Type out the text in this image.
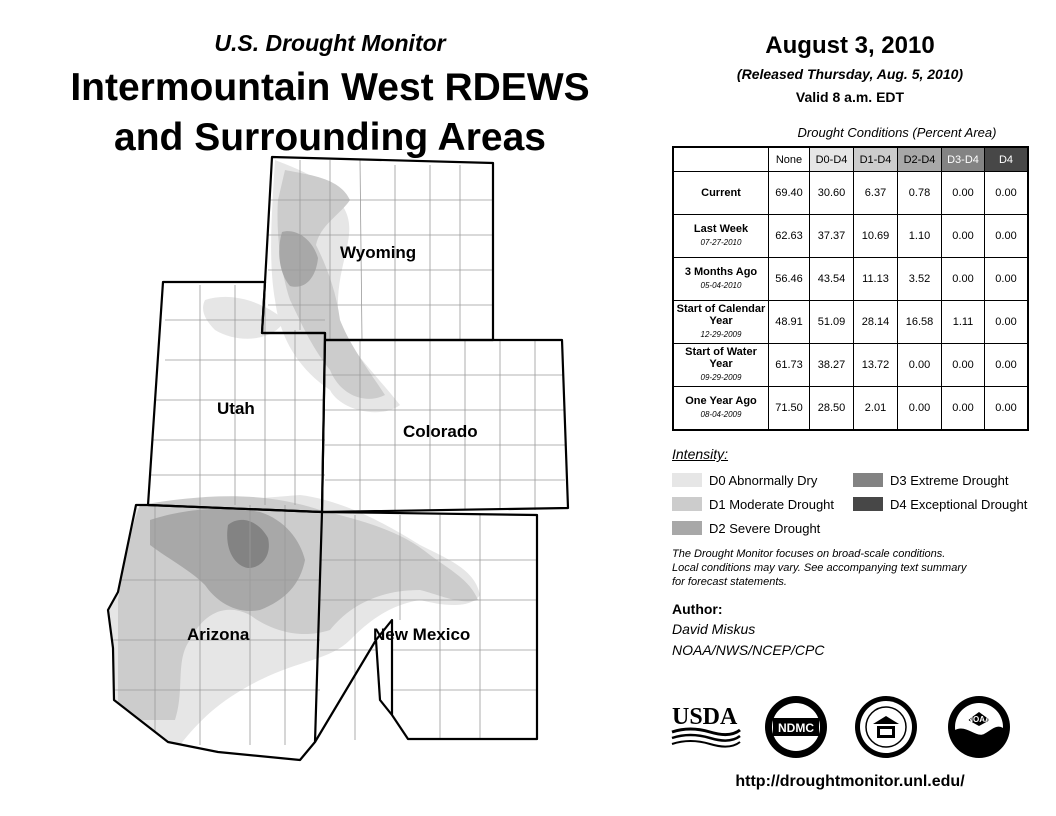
U.S. Drought Monitor
Intermountain West RDEWS
and Surrounding Areas
Wyoming
Utah
Colorado
Arizona	New Mexico
August 3, 2010
(Released Thursday, Aug. 5, 2010)
Valid 8 a.m. EDT
Drought Conditions (Percent Area)
	None	D0-D4	D1-D4	D2-D4	D3-D4	D4
Current	69.40	30.60	6.37	0.78	0.00	0.00
Last Week
07-27-2010	62.63	37.37	10.69	1.10	0.00	0.00
3 Months Ago
05-04-2010	56.46	43.54	11.13	3.52	0.00	0.00
Start of Calendar Year
12-29-2009	48.91	51.09	28.14	16.58	1.11	0.00
Start of Water Year
09-29-2009	61.73	38.27	13.72	0.00	0.00	0.00
One Year Ago
08-04-2009	71.50	28.50	2.01	0.00	0.00	0.00
Intensity:
D0 Abnormally Dry
D1 Moderate Drought
D2 Severe Drought
D3 Extreme Drought
D4 Exceptional Drought
The Drought Monitor focuses on broad-scale conditions.
Local conditions may vary. See accompanying text summary
for forecast statements.
Author:
David Miskus
NOAA/NWS/NCEP/CPC
USDA	NDMC
NOAA
http://droughtmonitor.unl.edu/
